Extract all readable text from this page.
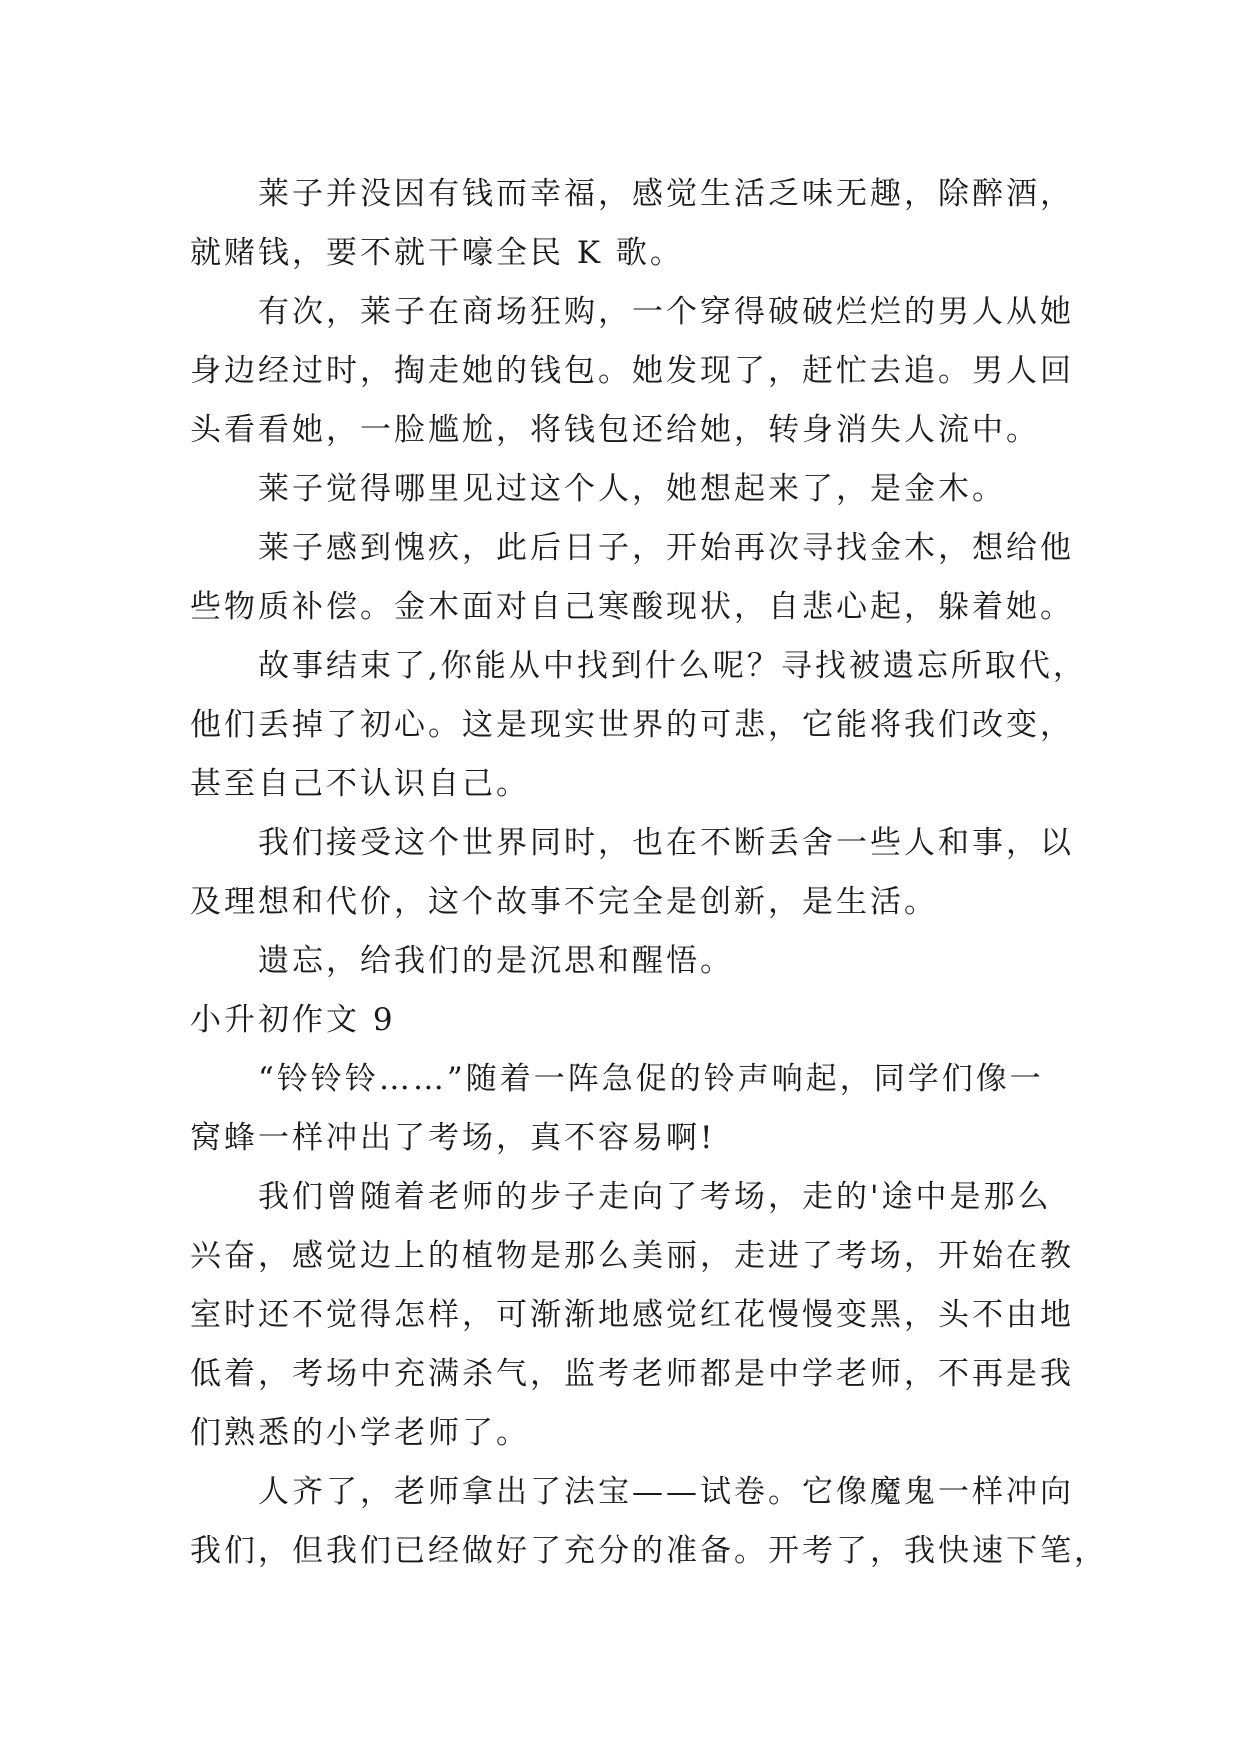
莱子并没因有钱而幸福，感觉生活乏味无趣，除醉酒，
就赌钱，要不就干嚎全民 K 歌。
有次，莱子在商场狂购，一个穿得破破烂烂的男人从她
身边经过时，掏走她的钱包。她发现了，赶忙去追。男人回
头看看她，一脸尴尬，将钱包还给她，转身消失人流中。
莱子觉得哪里见过这个人，她想起来了，是金木。
莱子感到愧疚，此后日子，开始再次寻找金木，想给他
些物质补偿。金木面对自己寒酸现状，自悲心起，躲着她。
故事结束了,你能从中找到什么呢？寻找被遗忘所取代，
他们丢掉了初心。这是现实世界的可悲，它能将我们改变，
甚至自己不认识自己。
我们接受这个世界同时，也在不断丢舍一些人和事，以
及理想和代价，这个故事不完全是创新，是生活。
遗忘，给我们的是沉思和醒悟。
小升初作文 9
“铃铃铃……”随着一阵急促的铃声响起，同学们像一
窝蜂一样冲出了考场，真不容易啊!
我们曾随着老师的步子走向了考场，走的'途中是那么
兴奋，感觉边上的植物是那么美丽，走进了考场，开始在教
室时还不觉得怎样，可渐渐地感觉红花慢慢变黑，头不由地
低着，考场中充满杀气，监考老师都是中学老师，不再是我
们熟悉的小学老师了。
人齐了，老师拿出了法宝——试卷。它像魔鬼一样冲向
我们，但我们已经做好了充分的准备。开考了，我快速下笔，
